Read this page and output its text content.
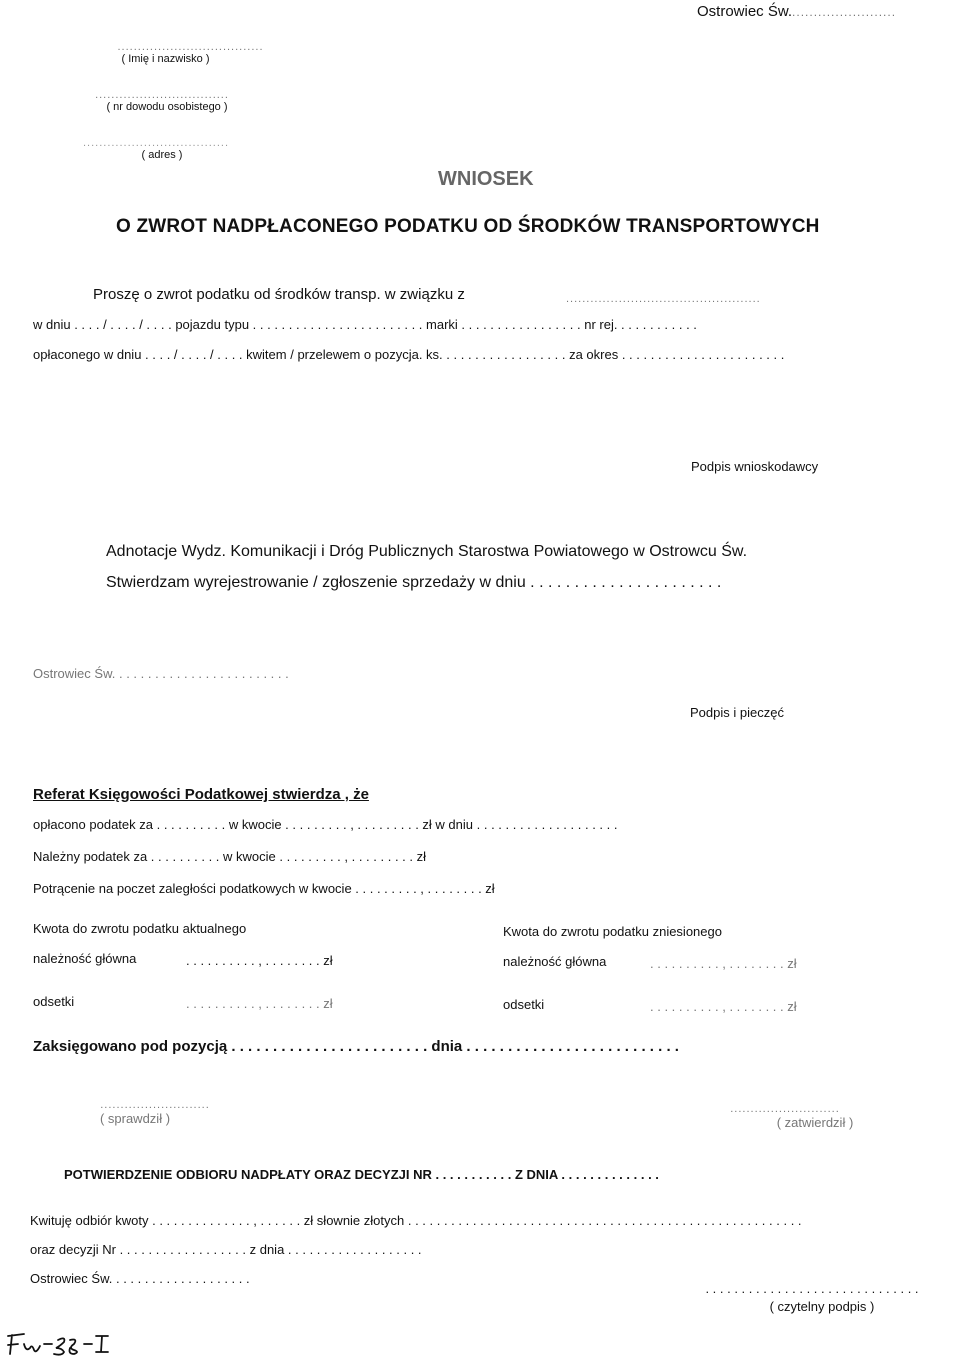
Ostrowiec Św.........................
....................................
( Imię i nazwisko )
.................................
( nr dowodu osobistego )
....................................
( adres )
WNIOSEK
O ZWROT NADPŁACONEGO PODATKU OD ŚRODKÓW TRANSPORTOWYCH
Proszę o zwrot podatku od środków transp. w związku z	................................................
w dniu . . . . / . . . . / . . . . pojazdu typu . . . . . . . . . . . . . . . . . . . . . . . . marki . . . . . . . . . . . . . . . . . nr rej. . . . . . . . . . . .
opłaconego w dniu . . . . / . . . . / . . . . kwitem / przelewem o pozycja. ks. . . . . . . . . . . . . . . . . . za okres . . . . . . . . . . . . . . . . . . . . . . .
Podpis wnioskodawcy
Adnotacje Wydz. Komunikacji i Dróg Publicznych Starostwa Powiatowego w Ostrowcu Św.
Stwierdzam wyrejestrowanie / zgłoszenie sprzedaży w dniu . . . . . . . . . . . . . . . . . . . . . .
Ostrowiec Św. . . . . . . . . . . . . . . . . . . . . . . . .
Podpis i pieczęć
Referat Księgowości Podatkowej stwierdza , że
opłacono podatek za . . . . . . . . . . w kwocie . . . . . . . . . , . . . . . . . . . zł w dniu . . . . . . . . . . . . . . . . . . . .
Należny podatek za . . . . . . . . . . w kwocie . . . . . . . . . , . . . . . . . . . zł
Potrącenie na poczet zaległości podatkowych w kwocie . . . . . . . . . , . . . . . . . . zł
Kwota do zwrotu podatku aktualnego	Kwota do zwrotu podatku zniesionego
należność główna	. . . . . . . . . . , . . . . . . . . zł	należność główna	. . . . . . . . . . , . . . . . . . . zł
odsetki	. . . . . . . . . . , . . . . . . . . zł	odsetki	. . . . . . . . . . , . . . . . . . . zł
Zaksięgowano pod pozycją . . . . . . . . . . . . . . . . . . . . . . . . dnia . . . . . . . . . . . . . . . . . . . . . . . . . .
...........................
( sprawdził )
...........................
( zatwierdził )
POTWIERDZENIE ODBIORU NADPŁATY ORAZ DECYZJI NR . . . . . . . . . . . Z DNIA . . . . . . . . . . . . . .
Kwituję odbiór kwoty . . . . . . . . . . . . . . , . . . . . . zł słownie złotych . . . . . . . . . . . . . . . . . . . . . . . . . . . . . . . . . . . . . . . . . . . . . . . . . . . . . . .
oraz decyzji Nr . . . . . . . . . . . . . . . . . . z dnia . . . . . . . . . . . . . . . . . . .
Ostrowiec Św. . . . . . . . . . . . . . . . . . . .
. . . . . . . . . . . . . . . . . . . . . . . . . . . . . .
( czytelny podpis )
